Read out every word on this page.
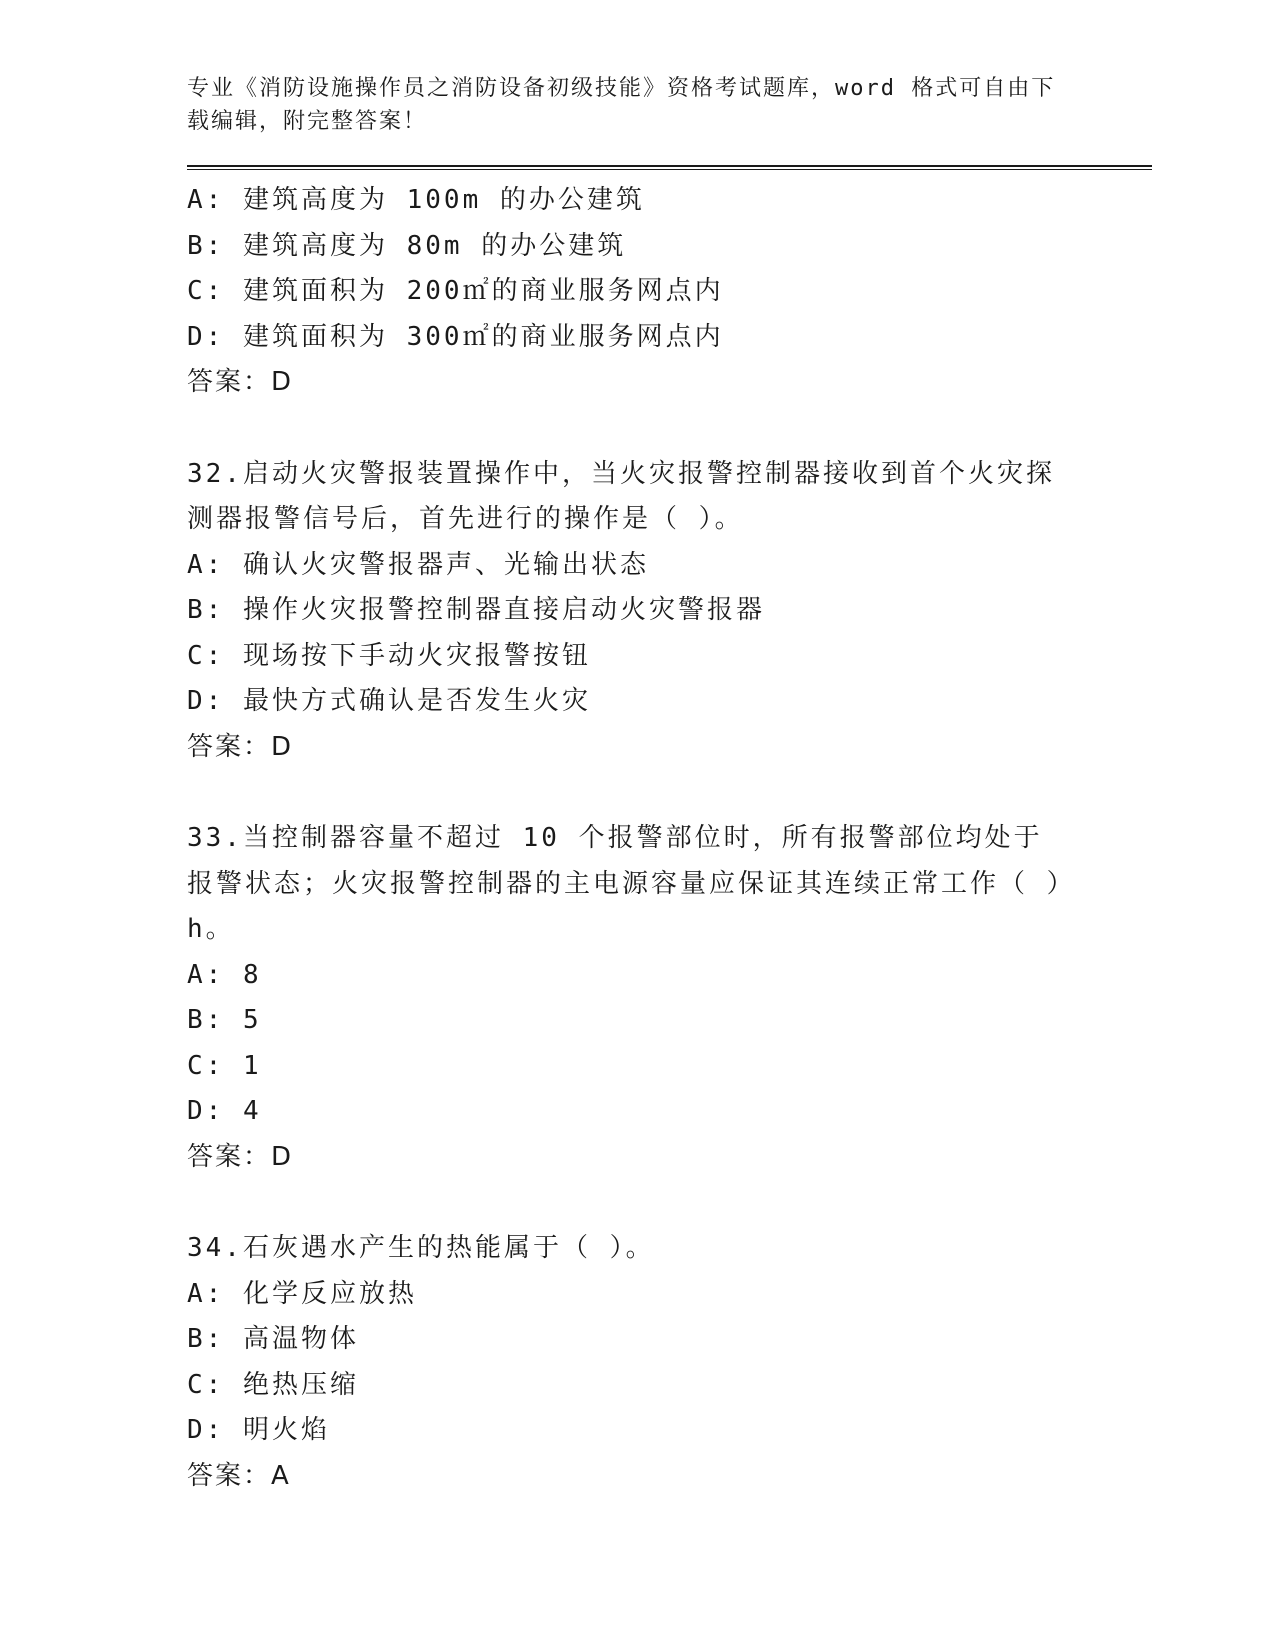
专业《消防设施操作员之消防设备初级技能》资格考试题库，word 格式可自由下载编辑，附完整答案！

A: 建筑高度为 100m 的办公建筑

B: 建筑高度为 80m 的办公建筑

C: 建筑面积为 200㎡的商业服务网点内

D: 建筑面积为 300㎡的商业服务网点内

答案：D

32.启动火灾警报装置操作中，当火灾报警控制器接收到首个火灾探测器报警信号后，首先进行的操作是（ ）。

A: 确认火灾警报器声、光输出状态

B: 操作火灾报警控制器直接启动火灾警报器

C: 现场按下手动火灾报警按钮

D: 最快方式确认是否发生火灾

答案：D

33.当控制器容量不超过 10 个报警部位时，所有报警部位均处于报警状态；火灾报警控制器的主电源容量应保证其连续正常工作（ ）h。

A: 8

B: 5

C: 1

D: 4

答案：D

34.石灰遇水产生的热能属于（ ）。

A: 化学反应放热

B: 高温物体

C: 绝热压缩

D: 明火焰

答案：A
